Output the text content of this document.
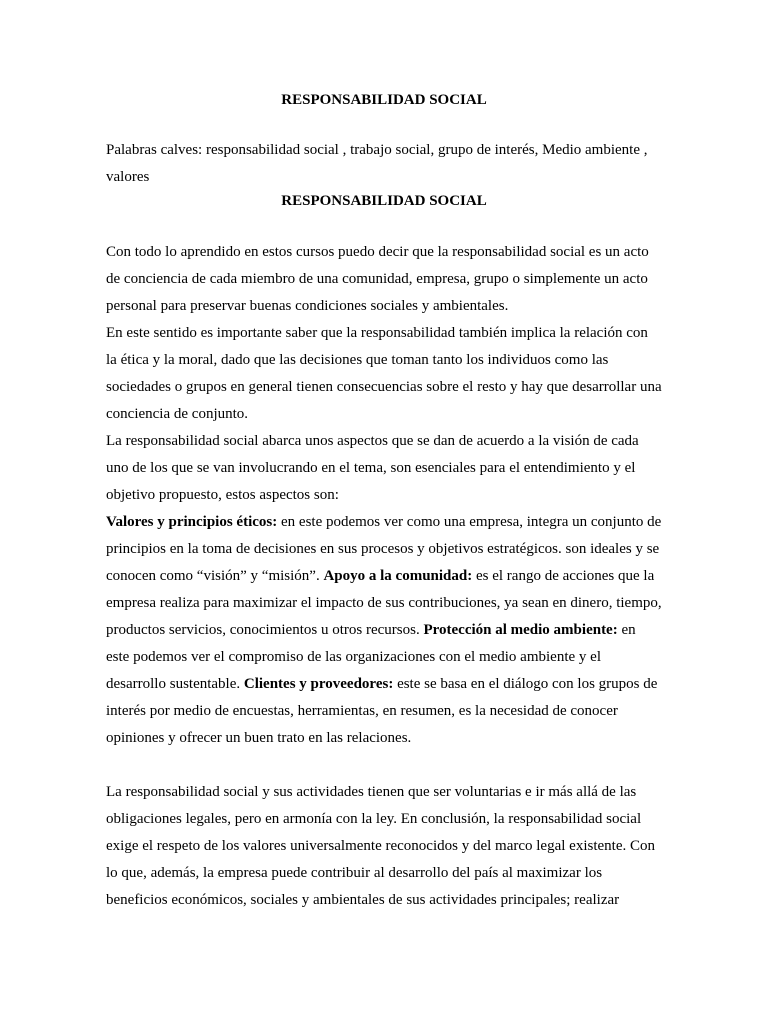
RESPONSABILIDAD SOCIAL

Palabras calves: responsabilidad social , trabajo social, grupo de interés, Medio ambiente , valores

RESPONSABILIDAD SOCIAL

Con todo lo aprendido en estos cursos puedo decir que la responsabilidad social es un acto de conciencia de cada miembro de una comunidad, empresa, grupo o simplemente un acto personal para preservar buenas condiciones sociales y ambientales.

En este sentido es importante saber que la responsabilidad también implica la relación con la ética y la moral, dado que las decisiones que toman tanto los individuos como las sociedades o grupos en general tienen consecuencias sobre el resto y hay que desarrollar una conciencia de conjunto.

La responsabilidad social abarca unos aspectos que se dan de acuerdo a la visión de cada uno de los que se van involucrando en el tema, son esenciales para el entendimiento y el objetivo propuesto, estos aspectos son:

Valores y principios éticos: en este podemos ver como una empresa, integra un conjunto de principios en la toma de decisiones en sus procesos y objetivos estratégicos. son ideales y se conocen como “visión” y “misión”. Apoyo a la comunidad: es el rango de acciones que la empresa realiza para maximizar el impacto de sus contribuciones, ya sean en dinero, tiempo, productos servicios, conocimientos u otros recursos. Protección al medio ambiente: en este podemos ver el compromiso de las organizaciones con el medio ambiente y el desarrollo sustentable. Clientes y proveedores: este se basa en el diálogo con los grupos de interés por medio de encuestas, herramientas, en resumen, es la necesidad de conocer opiniones y ofrecer un buen trato en las relaciones.

La responsabilidad social y sus actividades tienen que ser voluntarias e ir más allá de las obligaciones legales, pero en armonía con la ley. En conclusión, la responsabilidad social exige el respeto de los valores universalmente reconocidos y del marco legal existente. Con lo que, además, la empresa puede contribuir al desarrollo del país al maximizar los beneficios económicos, sociales y ambientales de sus actividades principales; realizar
